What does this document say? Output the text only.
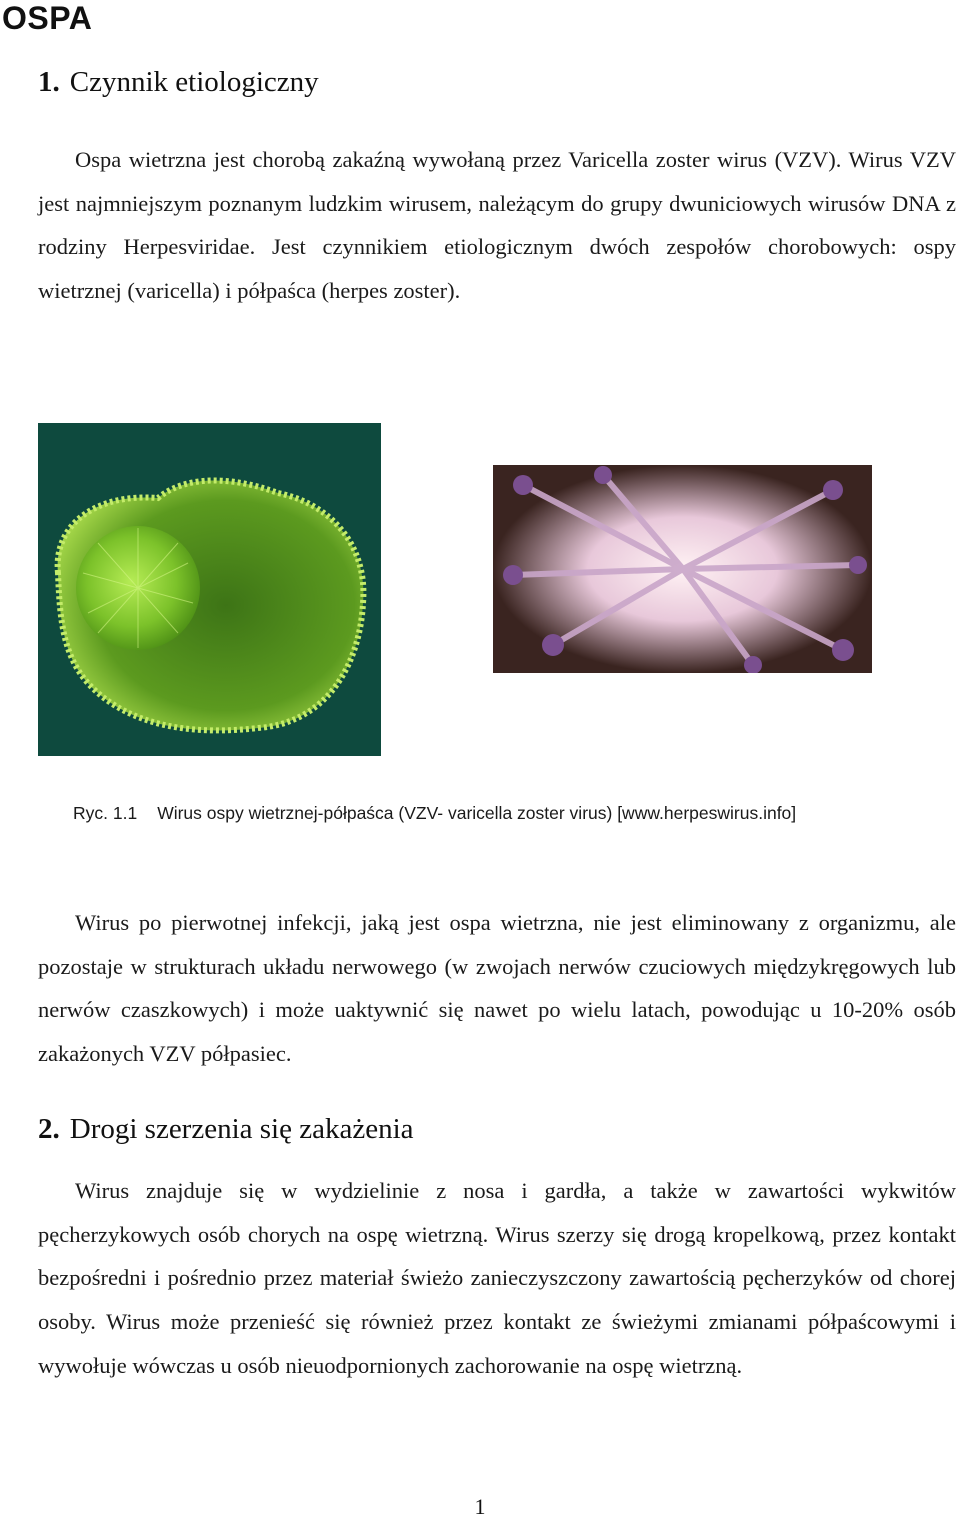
OSPA
1. Czynnik etiologiczny

Ospa wietrzna jest chorobą zakaźną wywołaną przez Varicella zoster wirus (VZV). Wirus VZV jest najmniejszym poznanym ludzkim wirusem, należącym do grupy dwuniciowych wirusów DNA z rodziny Herpesviridae. Jest czynnikiem etiologicznym dwóch zespołów chorobowych: ospy wietrznej (varicella) i półpaśca (herpes zoster).

Ryc. 1.1 Wirus ospy wietrznej-półpaśca (VZV- varicella zoster virus) [www.herpeswirus.info]

Wirus po pierwotnej infekcji, jaką jest ospa wietrzna, nie jest eliminowany z organizmu, ale pozostaje w strukturach układu nerwowego (w zwojach nerwów czuciowych międzykręgowych lub nerwów czaszkowych) i może uaktywnić się nawet po wielu latach, powodując u 10-20% osób zakażonych VZV półpasiec.

2. Drogi szerzenia się zakażenia

Wirus znajduje się w wydzielinie z nosa i gardła, a także w zawartości wykwitów pęcherzykowych osób chorych na ospę wietrzną. Wirus szerzy się drogą kropelkową, przez kontakt bezpośredni i pośrednio przez materiał świeżo zanieczyszczony zawartością pęcherzyków od chorej osoby. Wirus może przenieść się również przez kontakt ze świeżymi zmianami półpaścowymi i wywołuje wówczas u osób nieuodpornionych zachorowanie na ospę wietrzną.

1
